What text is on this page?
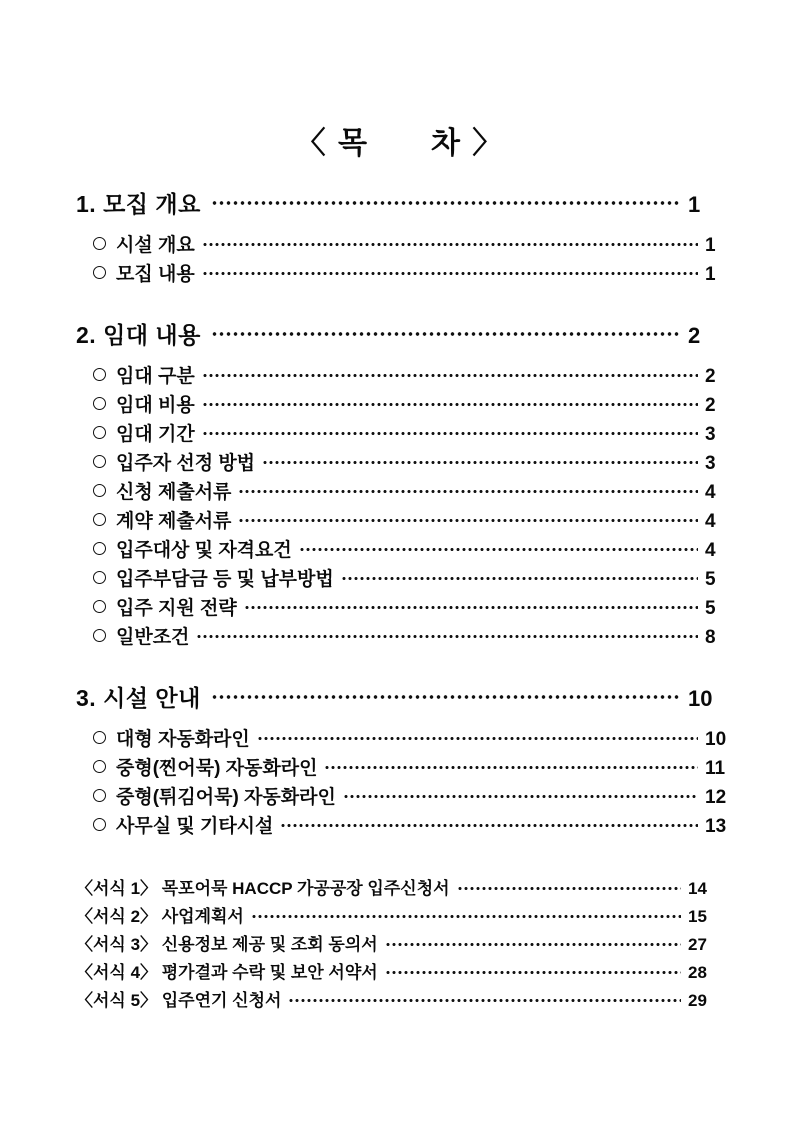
〈 목      차 〉
1. 모집 개요	1
시설 개요	1
모집 내용	1
2. 임대 내용	2
임대 구분	2
임대 비용	2
임대 기간	3
입주자 선정 방법	3
신청 제출서류	4
계약 제출서류	4
입주대상 및 자격요건	4
입주부담금 등 및 납부방법	5
입주 지원 전략	5
일반조건	8
3. 시설 안내	10
대형 자동화라인	10
중형(찐어묵) 자동화라인	11
중형(튀김어묵) 자동화라인	12
사무실 및 기타시설	13
〈서식 1〉 목포어묵 HACCP 가공공장 입주신청서	14
〈서식 2〉 사업계획서	15
〈서식 3〉 신용정보 제공 및 조회 동의서	27
〈서식 4〉 평가결과 수락 및 보안 서약서	28
〈서식 5〉 입주연기 신청서	29
